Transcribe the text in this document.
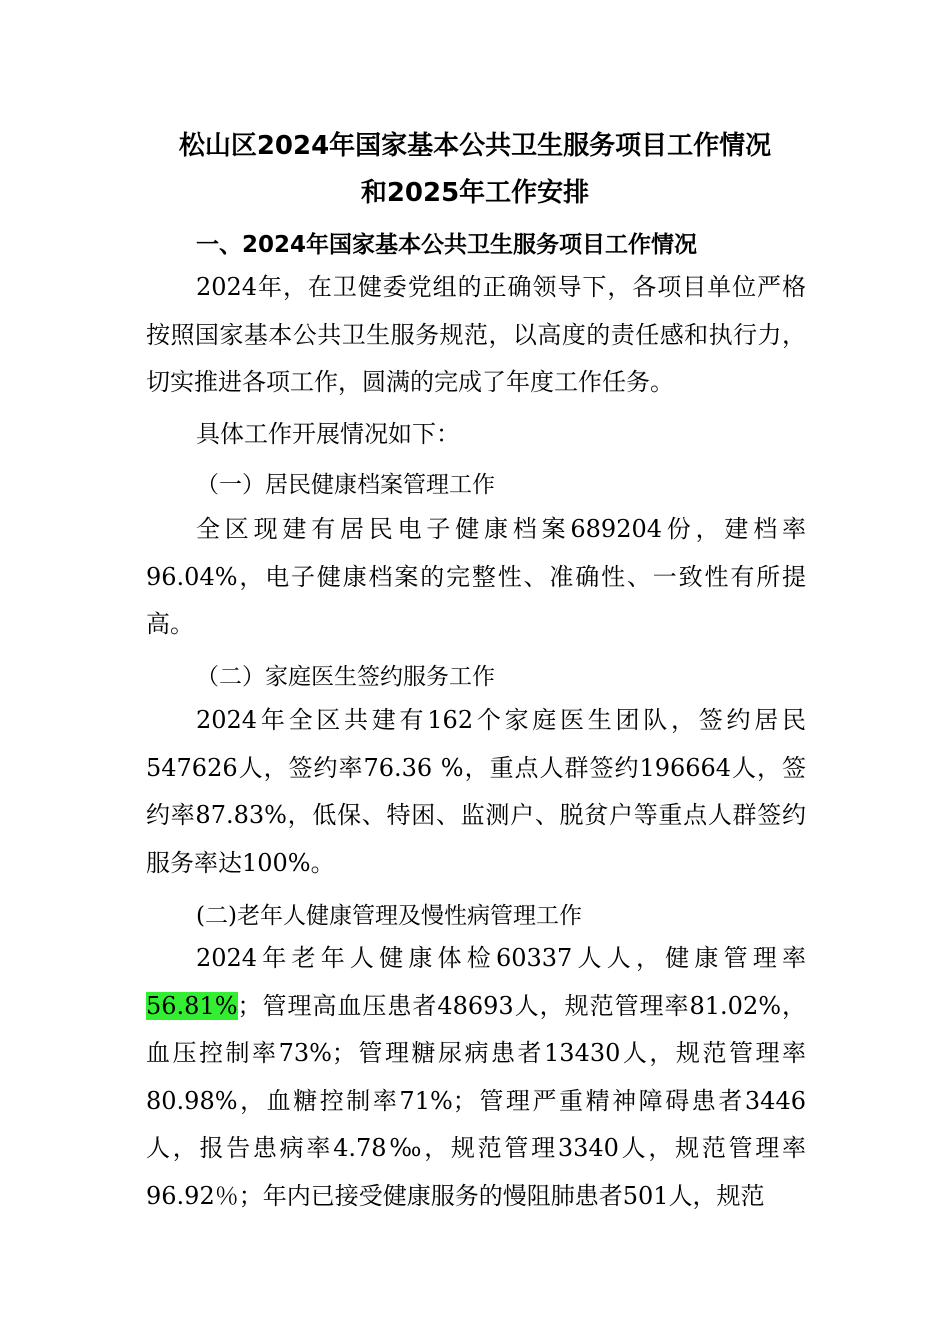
松山区2024年国家基本公共卫生服务项目工作情况
和2025年工作安排
一、2024年国家基本公共卫生服务项目工作情况

2024年，在卫健委党组的正确领导下，各项目单位严格按照国家基本公共卫生服务规范，以高度的责任感和执行力，切实推进各项工作，圆满的完成了年度工作任务。

具体工作开展情况如下：

（一）居民健康档案管理工作

全区现建有居民电子健康档案689204份，建档率96.04%，电子健康档案的完整性、准确性、一致性有所提高。

（二）家庭医生签约服务工作

2024年全区共建有162个家庭医生团队，签约居民547626人，签约率76.36 %，重点人群签约196664人，签约率87.83%，低保、特困、监测户、脱贫户等重点人群签约服务率达100%。

(二)老年人健康管理及慢性病管理工作

2024年老年人健康体检60337人人，健康管理率56.81%；管理高血压患者48693人，规范管理率81.02%，血压控制率73%；管理糖尿病患者13430人，规范管理率80.98%，血糖控制率71%；管理严重精神障碍患者3446人，报告患病率4.78‰，规范管理3340人，规范管理率96.92％；年内已接受健康服务的慢阻肺患者501人，规范
